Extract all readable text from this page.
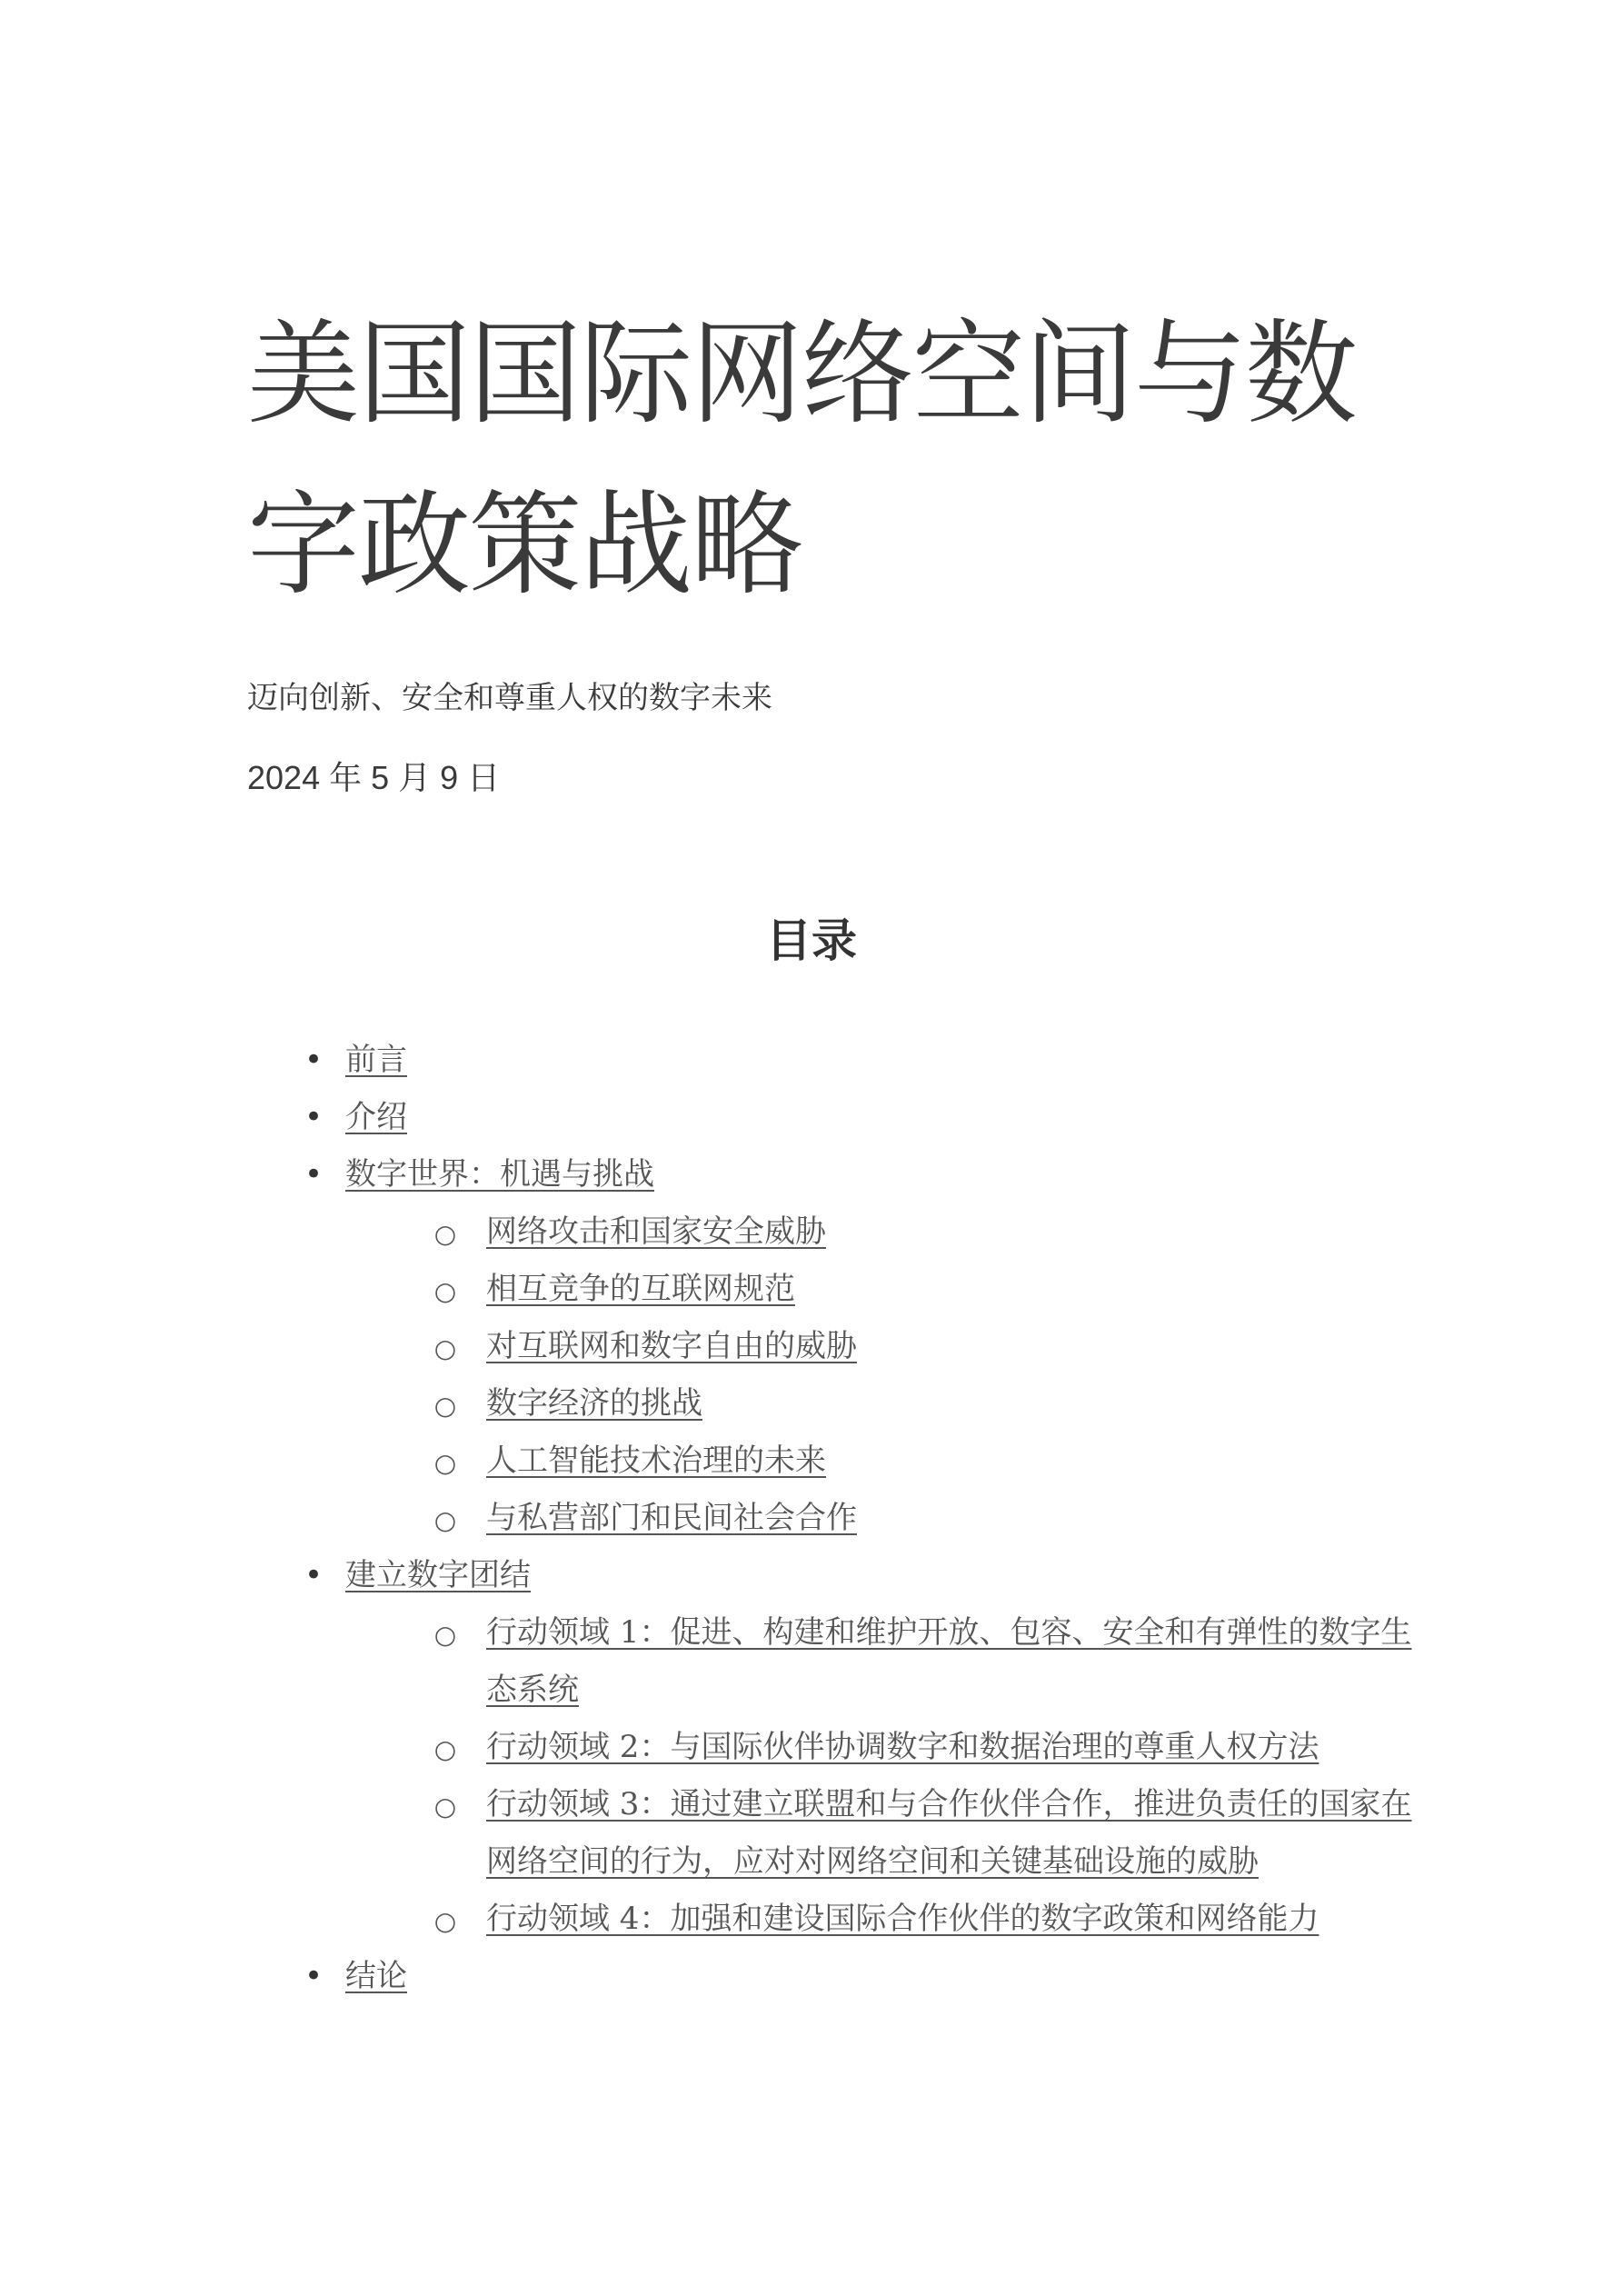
美国国际网络空间与数字政策战略

迈向创新、安全和尊重人权的数字未来

2024 年 5 月 9 日

目录
• 前言
• 介绍
• 数字世界：机遇与挑战
○ 网络攻击和国家安全威胁
○ 相互竞争的互联网规范
○ 对互联网和数字自由的威胁
○ 数字经济的挑战
○ 人工智能技术治理的未来
○ 与私营部门和民间社会合作
• 建立数字团结
○ 行动领域 1：促进、构建和维护开放、包容、安全和有弹性的数字生态系统
○ 行动领域 2：与国际伙伴协调数字和数据治理的尊重人权方法
○ 行动领域 3：通过建立联盟和与合作伙伴合作，推进负责任的国家在网络空间的行为，应对对网络空间和关键基础设施的威胁
○ 行动领域 4：加强和建设国际合作伙伴的数字政策和网络能力
• 结论
